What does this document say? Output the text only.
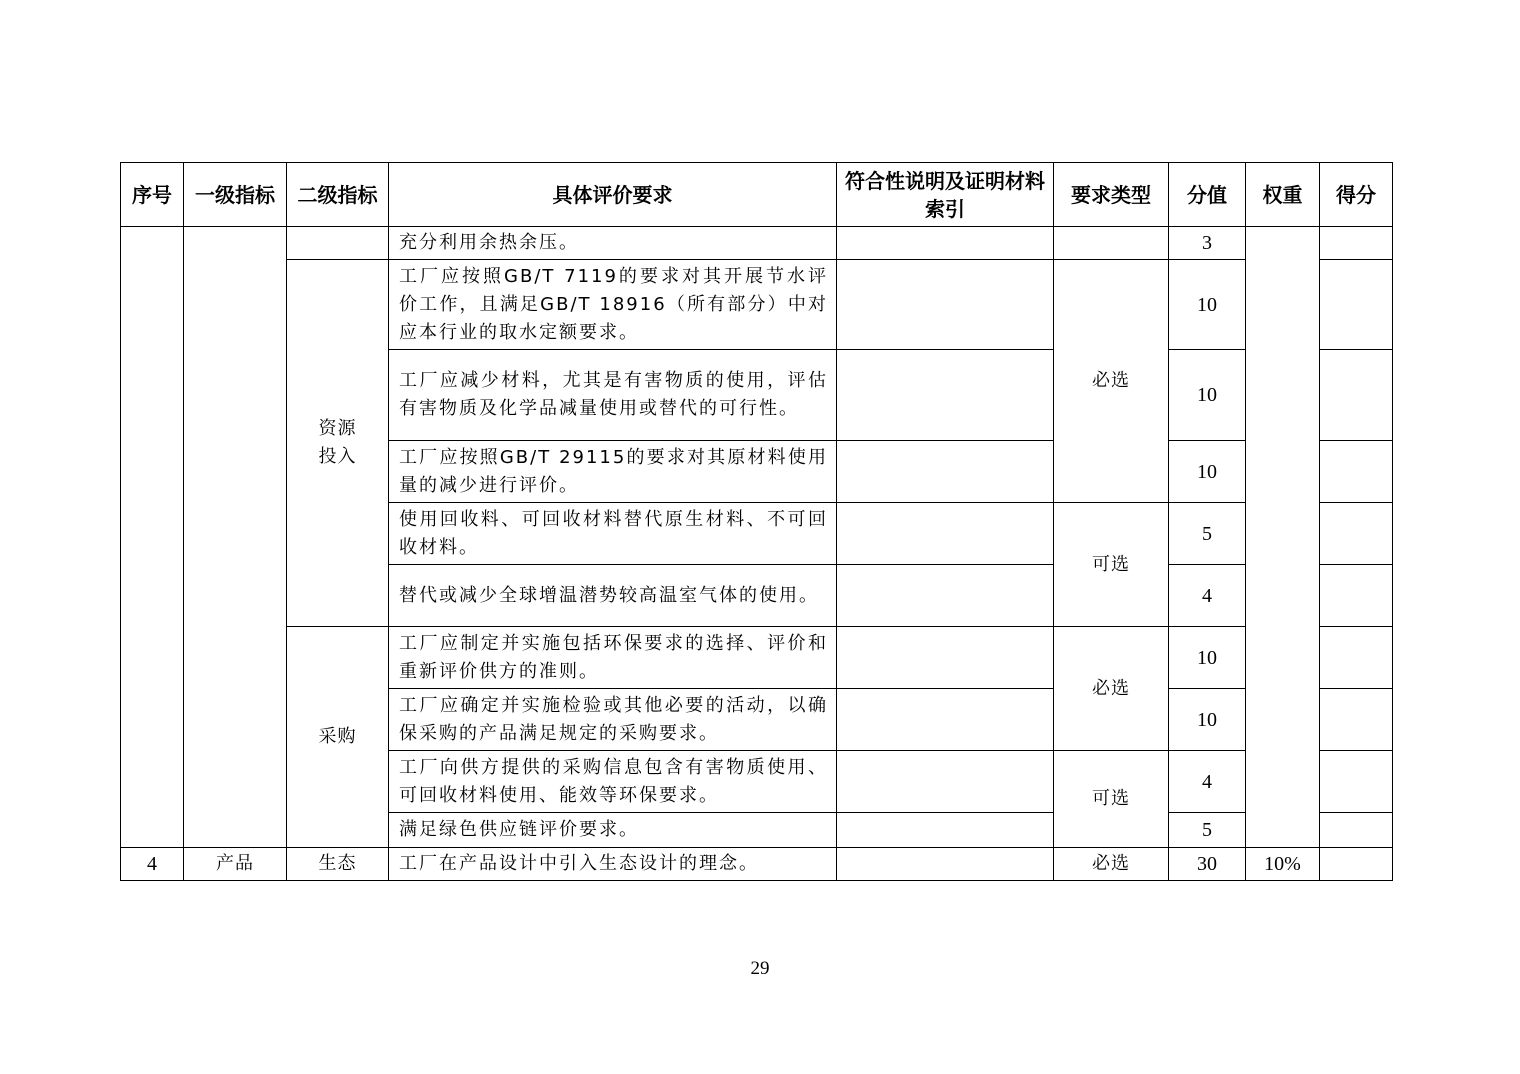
序号	一级指标	二级指标	具体评价要求	符合性说明及证明材料索引	要求类型	分值	权重	得分
			充分利用余热余压。			3		
		资源投入	工厂应按照GB/T 7119的要求对其开展节水评价工作，且满足GB/T 18916（所有部分）中对应本行业的取水定额要求。		必选	10		
			工厂应减少材料，尤其是有害物质的使用，评估有害物质及化学品减量使用或替代的可行性。			10		
			工厂应按照GB/T 29115的要求对其原材料使用量的减少进行评价。			10		
			使用回收料、可回收材料替代原生材料、不可回收材料。		可选	5		
			替代或减少全球增温潜势较高温室气体的使用。			4		
		采购	工厂应制定并实施包括环保要求的选择、评价和重新评价供方的准则。		必选	10		
			工厂应确定并实施检验或其他必要的活动，以确保采购的产品满足规定的采购要求。			10		
			工厂向供方提供的采购信息包含有害物质使用、可回收材料使用、能效等环保要求。		可选	4		
			满足绿色供应链评价要求。			5		
4	产品	生态	工厂在产品设计中引入生态设计的理念。		必选	30	10%	
29
